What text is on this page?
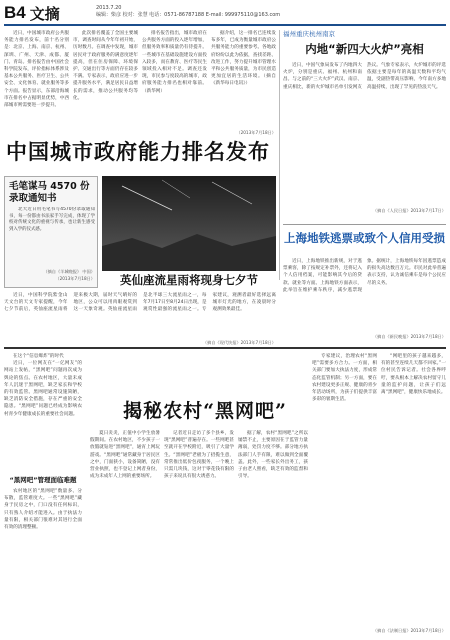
B4 文摘	2013.7.20
编辑：柴彦 校对：张慧 电话：0571-86787188 E-mail: 999975110@163.com

近日，中国城市政府公共服务能力排名发布，前十名分别是：北京、上海、南京、杭州、深圳、广州、天津、成都、厦门、青岛。排名报告由中国社会科学院发布，评价指标体系涉及基本公共服务、医疗卫生、公共安全、文化体育、就业服务等多个方面。报告显示，东部沿海城市在排名中占据明显优势，中西部城市则需要进一步提升。

此次排名覆盖了全国主要城市，调查时间从今年年初开始，历时数月。在调查中发现，城市居民对于政府服务的满意度逐年提高，但在住房保障、环境保护、交通出行等方面仍存在较多不满。专家表示，政府应进一步提升服务水平，满足居民日益增长的需求，推动公共服务均等化。

排名报告指出，城市政府在公共服务方面的投入逐年增加，但服务效率和质量仍有待提升。一些城市在基础设施建设方面投入较多，而在教育、医疗等民生领域投入相对不足。调查还发现，市民参与度较高的城市，政府服务能力排名也相对靠前。（新华网）

据介绍，这一排名已连续发布多年，已成为衡量城市政府公共服务能力的重要参考。各地政府纷纷以此为依据，查找差距、改进工作，努力提升城市管理水平和公共服务质量，为市民创造更加宜居的生活环境。（摘自《新华每日电讯》）

中国城市政府能力排名发布
（2013年7月18日）
毛笔谋马 4570 份录取通知书

北大近日用毛笔书写4570份录取通知书，每一份都由书法家手写完成，体现了学校对传统文化的重视与传承，也让新生感受到入学的仪式感。

（摘自《羊城晚报》 中国）
（2013年7月18日）	英仙座流星雨将现身七夕节

近日，中国科学院紫金山天文台的天文专家提醒，今年七夕节前后，英仙座流星雨将迎来极大期，届时天气晴好的地区，公众可以用肉眼观赏到这一天象奇观。英仙座流星雨是北半球三大流星雨之一，每年7月17日至8月24日出现，是观赏性最强的流星雨之一。专家建议，观测者最好选择远离城市灯光的地方，在凌晨时分观测效果最佳。

（摘自《现代快报》2013年7月18日）
福州重庆杭州南京
内地“新四大火炉”亮相

近日，中国气象局发布了内地四大火炉，分别是重庆、福州、杭州和南昌。与之前的“三大火炉”武汉、南京、重庆相比，新的火炉城市名单引发网友热议。气象专家表示，火炉城市的评选依据主要是每年的高温天数和平均气温，受副热带高压影响，今年南方多地高温持续，出现了罕见的热浪天气。

（摘自《人民日报》2013年7月17日）
上海地铁逃票或致个人信用受损

近日，上海地铁推出新规，对于逃票乘客，除了按规定补票外，还将记入个人信用档案，可能影响其今后的贷款、就业等方面。上海地铁方面表示，此举旨在维护乘车秩序，减少逃票现象。据统计，上海地铁每年因逃票造成的损失高达数百万元。市民对此举普遍表示支持，认为诚信乘车是每个公民应尽的义务。

（摘自《新民晚报》2013年7月18日）

在这个“信息爆炸”的时代

近日，一位网友在“一亿网友”的网站上发帖，“黑网吧”问题再次成为舆论的焦点。在农村地区，大量未成年人沉迷于黑网吧，缺乏家长和学校的有效监管。黑网吧通常设施简陋，缺乏消防安全措施，存在严重的安全隐患。“黑网吧”问题已经成为影响农村青少年健康成长的重要社会问题。

“黑网吧”管理面临难题

农村地区的“黑网吧”数量多、分布散，监管难度大。一些“黑网吧”藏身于民房之中，门口没有任何标识，只有熟人介绍才能进入。由于执法力量有限，相关部门很难对其进行全面有效的清理整顿。

揭秘农村“黑网吧”

夏日炎炎，正值中小学生放暑假期间。在农村地区，不少孩子一放假就钻进“黑网吧”，通宵上网玩游戏。“黑网吧”通常藏身于居民区之中，门面狭小，设备简陋，没有营业执照，也不登记上网者身份，成为未成年人上网的重要场所。

记者近日走访了多个县乡，发现“黑网吧”普遍存在。一些网吧甚至就开在学校附近，吸引了大量学生。“黑网吧”老板为了招揽生意，常常推出低价包夜服务，一个晚上只需几块钱，这对于零花钱有限的孩子来说具有很大诱惑力。

据了解，农村“黑网吧”之所以屡禁不止，主要原因在于监管力量薄弱，处罚力度不够。部分地方执法部门人手有限，难以做到全面覆盖。此外，一些家长外出务工，孩子由老人照看，缺乏有效的监督和引导。

专家建议，治理农村“黑网吧”需要多方合力。一方面，相关部门要加大执法力度，形成常态化监管机制；另一方面，要在农村建设更多正规、健康的青少年活动场所，为孩子们提供丰富多彩的暑期生活。

“网吧里的孩子越来越多，有的甚至连续几天都不回家。”一位村民告诉记者。社会各界呼吁，要从根本上解决农村留守儿童的监护问题，让孩子们远离“黑网吧”，健康快乐地成长。

（摘自《法制日报》2013年7月18日）
